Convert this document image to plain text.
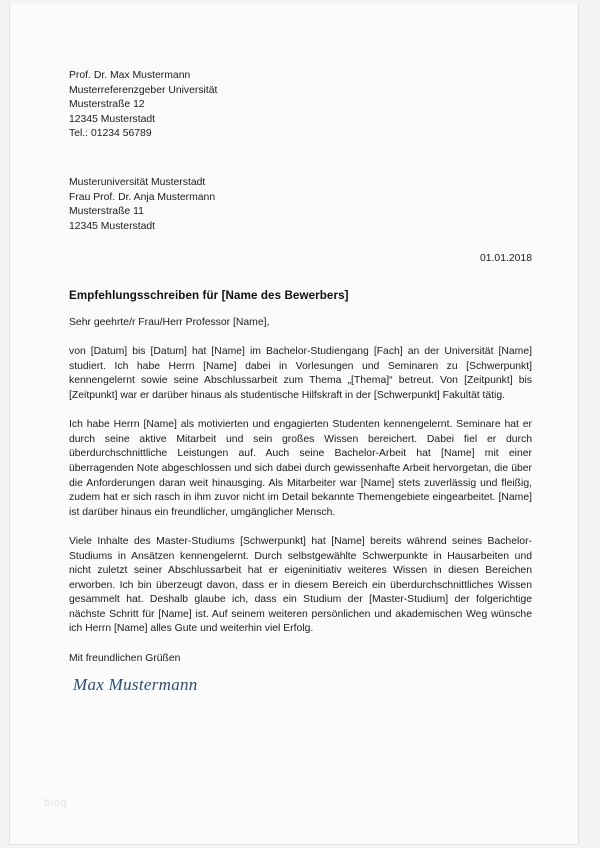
Prof. Dr. Max Mustermann
Musterreferenzgeber Universität
Musterstraße 12
12345 Musterstadt
Tel.: 01234 56789
Musteruniversität Musterstadt
Frau Prof. Dr. Anja Mustermann
Musterstraße 11
12345 Musterstadt
01.01.2018
Empfehlungsschreiben für [Name des Bewerbers]

Sehr geehrte/r Frau/Herr Professor [Name],

von [Datum] bis [Datum] hat [Name] im Bachelor-Studiengang [Fach] an der Universität [Name] studiert. Ich habe Herrn [Name] dabei in Vorlesungen und Seminaren zu [Schwerpunkt] kennengelernt sowie seine Abschlussarbeit zum Thema „[Thema]“ betreut. Von [Zeitpunkt] bis [Zeitpunkt] war er darüber hinaus als studentische Hilfskraft in der [Schwerpunkt] Fakultät tätig.

Ich habe Herrn [Name] als motivierten und engagierten Studenten kennengelernt. Seminare hat er durch seine aktive Mitarbeit und sein großes Wissen bereichert. Dabei fiel er durch überdurchschnittliche Leistungen auf. Auch seine Bachelor-Arbeit hat [Name] mit einer überragenden Note abgeschlossen und sich dabei durch gewissenhafte Arbeit hervorgetan, die über die Anforderungen daran weit hinausging. Als Mitarbeiter war [Name] stets zuverlässig und fleißig, zudem hat er sich rasch in ihm zuvor nicht im Detail bekannte Themengebiete eingearbeitet. [Name] ist darüber hinaus ein freundlicher, umgänglicher Mensch.

Viele Inhalte des Master-Studiums [Schwerpunkt] hat [Name] bereits während seines Bachelor-Studiums in Ansätzen kennengelernt. Durch selbstgewählte Schwerpunkte in Hausarbeiten und nicht zuletzt seiner Abschlussarbeit hat er eigeninitiativ weiteres Wissen in diesen Bereichen erworben. Ich bin überzeugt davon, dass er in diesem Bereich ein überdurchschnittliches Wissen gesammelt hat. Deshalb glaube ich, dass ein Studium der [Master-Studium] der folgerichtige nächste Schritt für [Name] ist. Auf seinem weiteren persönlichen und akademischen Weg wünsche ich Herrn [Name] alles Gute und weiterhin viel Erfolg.

Mit freundlichen Grüßen

Max Mustermann
blog
